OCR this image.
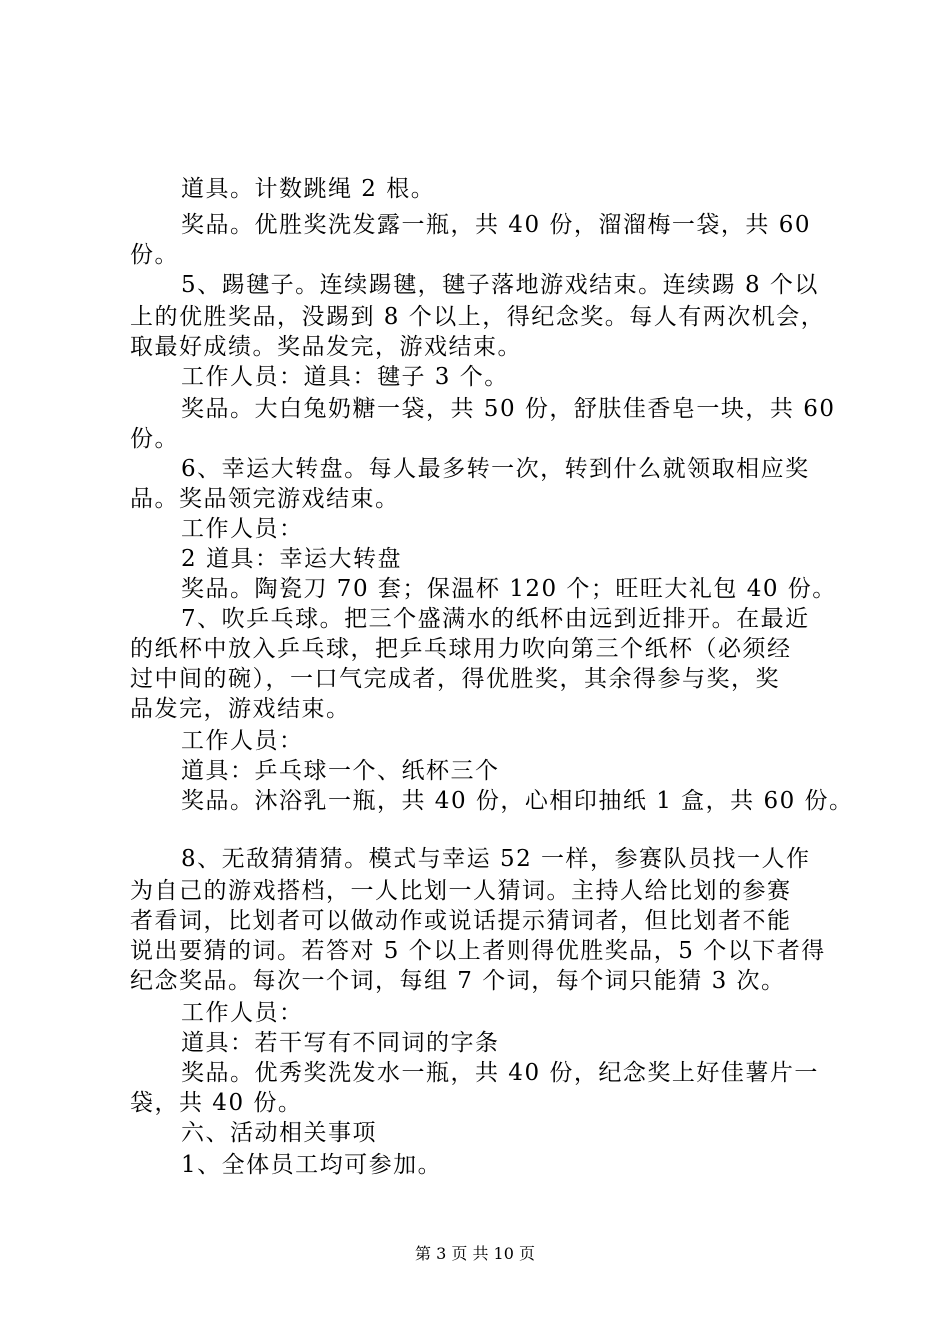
道具。计数跳绳 2 根。
奖品。优胜奖洗发露一瓶，共 40 份，溜溜梅一袋，共 60
份。
5、踢毽子。连续踢毽，毽子落地游戏结束。连续踢 8 个以
上的优胜奖品，没踢到 8 个以上，得纪念奖。每人有两次机会，
取最好成绩。奖品发完，游戏结束。
工作人员：道具：毽子 3 个。
奖品。大白兔奶糖一袋，共 50 份，舒肤佳香皂一块，共 60
份。
6、幸运大转盘。每人最多转一次，转到什么就领取相应奖
品。奖品领完游戏结束。
工作人员：
2 道具：幸运大转盘
奖品。陶瓷刀 70 套；保温杯 120 个；旺旺大礼包 40 份。
7、吹乒乓球。把三个盛满水的纸杯由远到近排开。在最近
的纸杯中放入乒乓球，把乒乓球用力吹向第三个纸杯（必须经
过中间的碗），一口气完成者，得优胜奖，其余得参与奖，奖
品发完，游戏结束。
工作人员：
道具：乒乓球一个、纸杯三个
奖品。沐浴乳一瓶，共 40 份，心相印抽纸 1 盒，共 60 份。
8、无敌猜猜猜。模式与幸运 52 一样，参赛队员找一人作
为自己的游戏搭档，一人比划一人猜词。主持人给比划的参赛
者看词，比划者可以做动作或说话提示猜词者，但比划者不能
说出要猜的词。若答对 5 个以上者则得优胜奖品，5 个以下者得
纪念奖品。每次一个词，每组 7 个词，每个词只能猜 3 次。
工作人员：
道具：若干写有不同词的字条
奖品。优秀奖洗发水一瓶，共 40 份，纪念奖上好佳薯片一
袋，共 40 份。
六、活动相关事项
1、全体员工均可参加。
第 3 页 共 10 页
